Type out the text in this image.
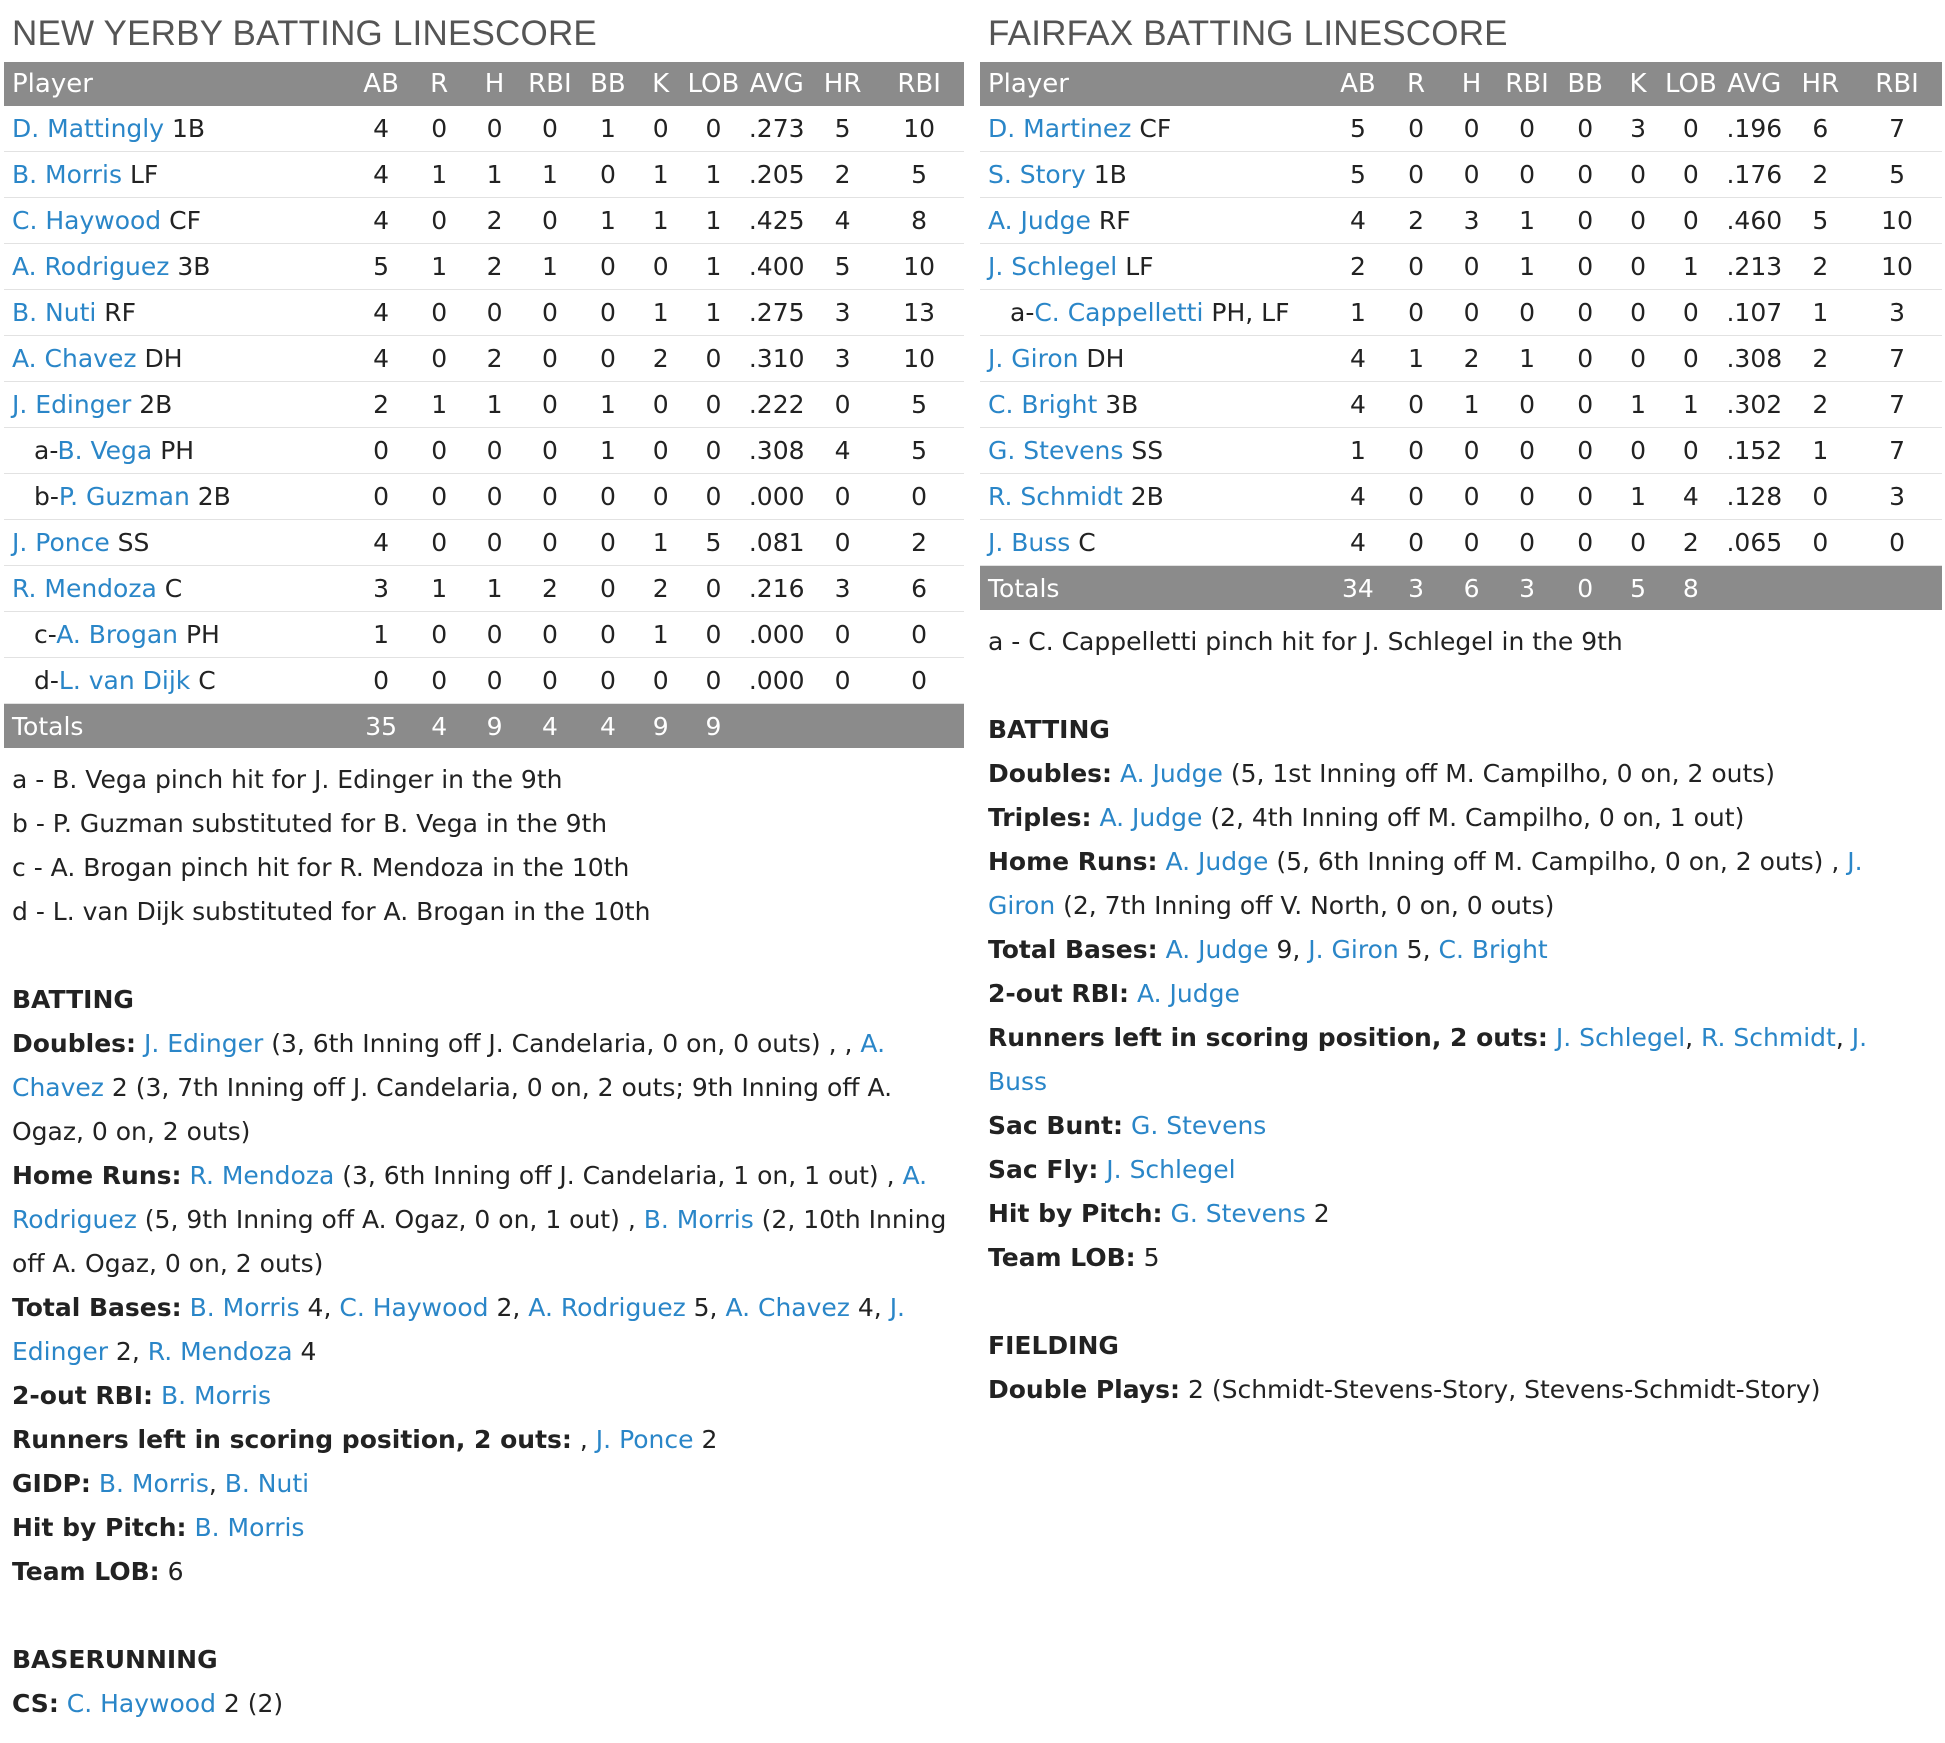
NEW YERBY BATTING LINESCORE
Player	AB	R	H	RBI	BB	K	LOB	AVG	HR	RBI
D. Mattingly 1B	4	0	0	0	1	0	0	.273	5	10
B. Morris LF	4	1	1	1	0	1	1	.205	2	5
C. Haywood CF	4	0	2	0	1	1	1	.425	4	8
A. Rodriguez 3B	5	1	2	1	0	0	1	.400	5	10
B. Nuti RF	4	0	0	0	0	1	1	.275	3	13
A. Chavez DH	4	0	2	0	0	2	0	.310	3	10
J. Edinger 2B	2	1	1	0	1	0	0	.222	0	5
a-B. Vega PH	0	0	0	0	1	0	0	.308	4	5
b-P. Guzman 2B	0	0	0	0	0	0	0	.000	0	0
J. Ponce SS	4	0	0	0	0	1	5	.081	0	2
R. Mendoza C	3	1	1	2	0	2	0	.216	3	6
c-A. Brogan PH	1	0	0	0	0	1	0	.000	0	0
d-L. van Dijk C	0	0	0	0	0	0	0	.000	0	0
Totals	35	4	9	4	4	9	9			
a - B. Vega pinch hit for J. Edinger in the 9th
b - P. Guzman substituted for B. Vega in the 9th
c - A. Brogan pinch hit for R. Mendoza in the 10th
d - L. van Dijk substituted for A. Brogan in the 10th
BATTING
Doubles: J. Edinger (3, 6th Inning off J. Candelaria, 0 on, 0 outs) , , A. Chavez 2 (3, 7th Inning off J. Candelaria, 0 on, 2 outs; 9th Inning off A. Ogaz, 0 on, 2 outs)
Home Runs: R. Mendoza (3, 6th Inning off J. Candelaria, 1 on, 1 out) , A. Rodriguez (5, 9th Inning off A. Ogaz, 0 on, 1 out) , B. Morris (2, 10th Inning off A. Ogaz, 0 on, 2 outs)
Total Bases: B. Morris 4, C. Haywood 2, A. Rodriguez 5, A. Chavez 4, J. Edinger 2, R. Mendoza 4
2-out RBI: B. Morris
Runners left in scoring position, 2 outs: , J. Ponce 2
GIDP: B. Morris, B. Nuti
Hit by Pitch: B. Morris
Team LOB: 6
BASERUNNING
CS: C. Haywood 2 (2)
FAIRFAX BATTING LINESCORE
Player	AB	R	H	RBI	BB	K	LOB	AVG	HR	RBI
D. Martinez CF	5	0	0	0	0	3	0	.196	6	7
S. Story 1B	5	0	0	0	0	0	0	.176	2	5
A. Judge RF	4	2	3	1	0	0	0	.460	5	10
J. Schlegel LF	2	0	0	1	0	0	1	.213	2	10
a-C. Cappelletti PH, LF	1	0	0	0	0	0	0	.107	1	3
J. Giron DH	4	1	2	1	0	0	0	.308	2	7
C. Bright 3B	4	0	1	0	0	1	1	.302	2	7
G. Stevens SS	1	0	0	0	0	0	0	.152	1	7
R. Schmidt 2B	4	0	0	0	0	1	4	.128	0	3
J. Buss C	4	0	0	0	0	0	2	.065	0	0
Totals	34	3	6	3	0	5	8			
a - C. Cappelletti pinch hit for J. Schlegel in the 9th
BATTING
Doubles: A. Judge (5, 1st Inning off M. Campilho, 0 on, 2 outs)
Triples: A. Judge (2, 4th Inning off M. Campilho, 0 on, 1 out)
Home Runs: A. Judge (5, 6th Inning off M. Campilho, 0 on, 2 outs) , J. Giron (2, 7th Inning off V. North, 0 on, 0 outs)
Total Bases: A. Judge 9, J. Giron 5, C. Bright
2-out RBI: A. Judge
Runners left in scoring position, 2 outs: J. Schlegel, R. Schmidt, J. Buss
Sac Bunt: G. Stevens
Sac Fly: J. Schlegel
Hit by Pitch: G. Stevens 2
Team LOB: 5
FIELDING
Double Plays: 2 (Schmidt-Stevens-Story, Stevens-Schmidt-Story)
